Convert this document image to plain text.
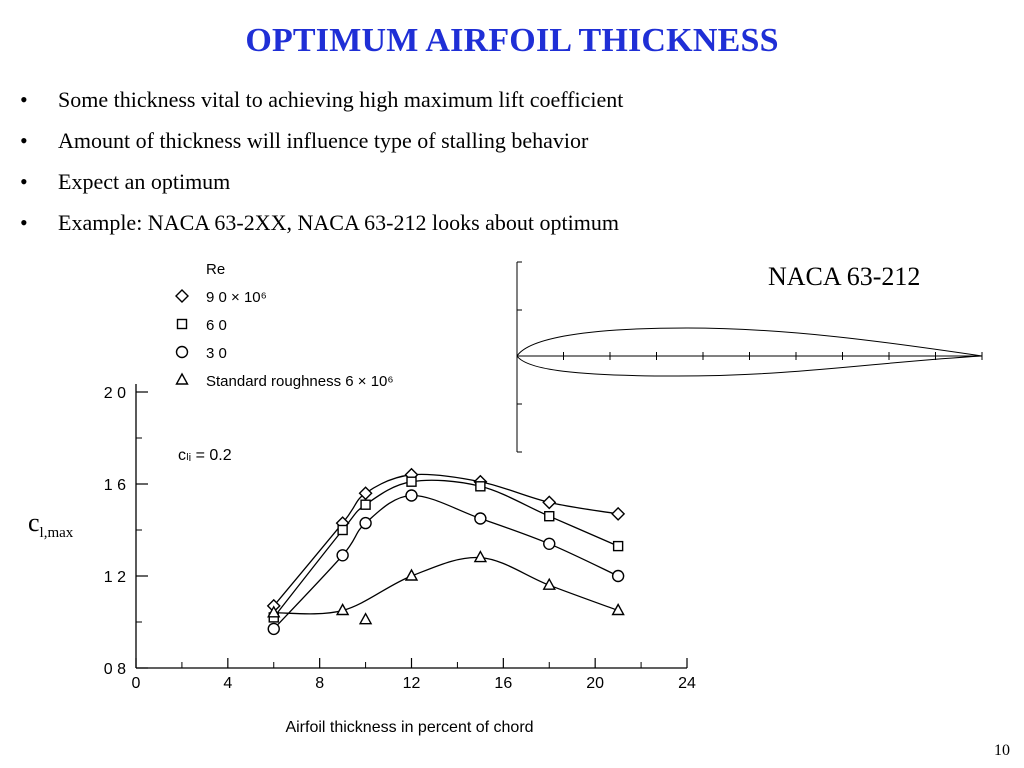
OPTIMUM AIRFOIL THICKNESS
• Some thickness vital to achieving high maximum lift coefficient
• Amount of thickness will influence type of stalling behavior
• Expect an optimum
• Example: NACA 63-2XX, NACA 63-212 looks about optimum
0	4	8	12	16	20	24
0 8
1 2
1 6
2 0
Airfoil thickness in percent of chord
cₗᵢ = 0.2
Re
9 0 × 10⁶
6 0
3 0
Standard roughness 6 × 10⁶
$c_{l,max}$
NACA 63-212
10
